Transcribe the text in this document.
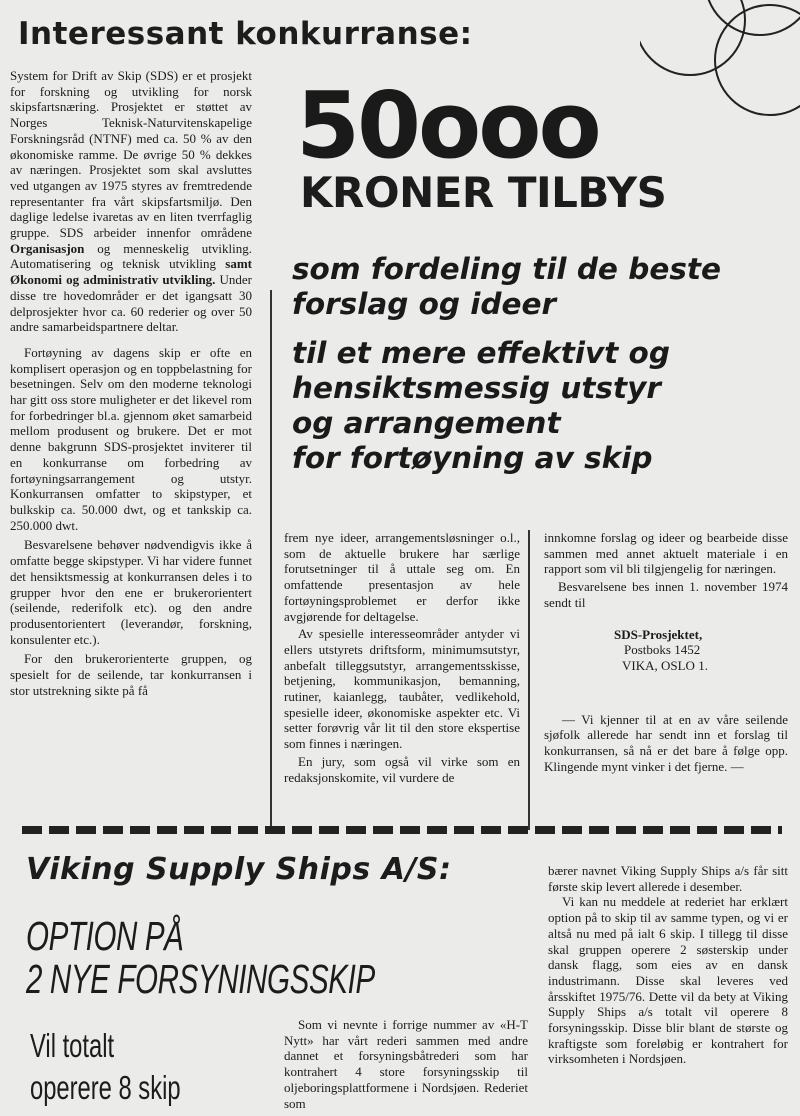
Interessant konkurranse:

System for Drift av Skip (SDS) er et prosjekt for forskning og utvikling for norsk skipsfartsnæring. Prosjektet er støttet av Norges Teknisk-Naturvitenskapelige Forskningsråd (NTNF) med ca. 50 % av den økonomiske ramme. De øvrige 50 % dekkes av næringen. Prosjektet som skal avsluttes ved utgangen av 1975 styres av fremtredende representanter fra vårt skipsfartsmiljø. Den daglige ledelse ivaretas av en liten tverrfaglig gruppe. SDS arbeider innenfor områdene Organisasjon og menneskelig utvikling. Automatisering og teknisk utvikling samt Økonomi og administrativ utvikling. Under disse tre hovedområder er det igangsatt 30 delprosjekter hvor ca. 60 rederier og over 50 andre samarbeidspartnere deltar.

Fortøyning av dagens skip er ofte en komplisert operasjon og en toppbelastning for besetningen. Selv om den moderne teknologi har gitt oss store muligheter er det likevel rom for forbedringer bl.a. gjennom øket samarbeid mellom produsent og brukere. Det er mot denne bakgrunn SDS-prosjektet inviterer til en konkurranse om forbedring av fortøyningsarrangement og utstyr. Konkurransen omfatter to skipstyper, et bulkskip ca. 50.000 dwt, og et tankskip ca. 250.000 dwt.

Besvarelsene behøver nødvendigvis ikke å omfatte begge skipstyper. Vi har videre funnet det hensiktsmessig at konkurransen deles i to grupper hvor den ene er brukerorientert (seilende, rederifolk etc). og den andre produsentorientert (leverandør, forskning, konsulenter etc.).

For den brukerorienterte gruppen, og spesielt for de seilende, tar konkurransen i stor utstrekning sikte på få

50ooo
KRONER TILBYS
som fordeling til de beste
forslag og ideer
til et mere effektivt og
hensiktsmessig utstyr
og arrangement
for fortøyning av skip

frem nye ideer, arrangementsløsninger o.l., som de aktuelle brukere har særlige forutsetninger til å uttale seg om. En omfattende presentasjon av hele fortøyningsproblemet er derfor ikke avgjørende for deltagelse.

Av spesielle interesseområder antyder vi ellers utstyrets driftsform, minimumsutstyr, anbefalt tilleggsutstyr, arrangementsskisse, betjening, kommunikasjon, bemanning, rutiner, kaianlegg, taubåter, vedlikehold, spesielle ideer, økonomiske aspekter etc. Vi setter forøvrig vår lit til den store ekspertise som finnes i næringen.

En jury, som også vil virke som en redaksjonskomite, vil vurdere de

innkomne forslag og ideer og bearbeide disse sammen med annet aktuelt materiale i en rapport som vil bli tilgjengelig for næringen.

Besvarelsene bes innen 1. november 1974 sendt til

SDS-Prosjektet,
Postboks 1452
VIKA, OSLO 1.

— Vi kjenner til at en av våre seilende sjøfolk allerede har sendt inn et forslag til konkurransen, så nå er det bare å følge opp. Klingende mynt vinker i det fjerne. —

Viking Supply Ships A/S:
OPTION PÅ
2 NYE FORSYNINGSSKIP
Vil totalt
operere 8 skip

Som vi nevnte i forrige nummer av «H-T Nytt» har vårt rederi sammen med andre dannet et forsyningsbåtrederi som har kontrahert 4 store forsyningsskip til oljeboringsplattformene i Nordsjøen. Rederiet som

bærer navnet Viking Supply Ships a/s får sitt første skip levert allerede i desember.

Vi kan nu meddele at rederiet har erklært option på to skip til av samme typen, og vi er altså nu med på ialt 6 skip. I tillegg til disse skal gruppen operere 2 søsterskip under dansk flagg, som eies av en dansk industrimann. Disse skal leveres ved årsskiftet 1975/76. Dette vil da bety at Viking Supply Ships a/s totalt vil operere 8 forsyningsskip. Disse blir blant de største og kraftigste som foreløbig er kontrahert for virksomheten i Nordsjøen.
